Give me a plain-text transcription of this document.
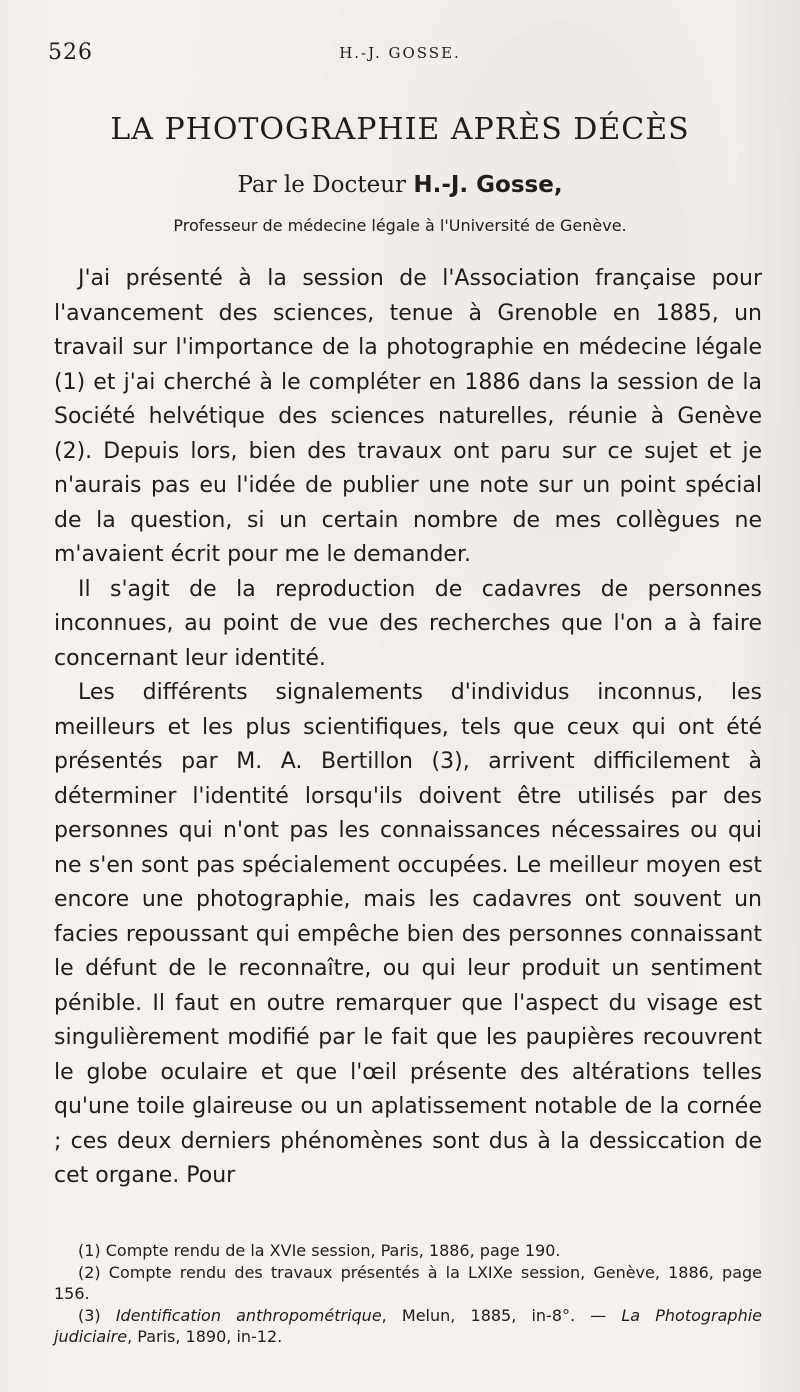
526	H.-J. GOSSE.
LA PHOTOGRAPHIE APRÈS DÉCÈS
Par le Docteur H.-J. Gosse,
Professeur de médecine légale à l'Université de Genève.

J'ai présenté à la session de l'Association française pour l'avancement des sciences, tenue à Grenoble en 1885, un travail sur l'importance de la photographie en médecine légale (1) et j'ai cherché à le compléter en 1886 dans la session de la Société helvétique des sciences naturelles, réunie à Genève (2). Depuis lors, bien des travaux ont paru sur ce sujet et je n'aurais pas eu l'idée de publier une note sur un point spécial de la question, si un certain nombre de mes collègues ne m'avaient écrit pour me le demander.

Il s'agit de la reproduction de cadavres de personnes inconnues, au point de vue des recherches que l'on a à faire concernant leur identité.

Les différents signalements d'individus inconnus, les meilleurs et les plus scientifiques, tels que ceux qui ont été présentés par M. A. Bertillon (3), arrivent difficilement à déterminer l'identité lorsqu'ils doivent être utilisés par des personnes qui n'ont pas les connaissances nécessaires ou qui ne s'en sont pas spécialement occupées. Le meilleur moyen est encore une photographie, mais les cadavres ont souvent un facies repoussant qui empêche bien des personnes connaissant le défunt de le reconnaître, ou qui leur produit un sentiment pénible. Il faut en outre remarquer que l'aspect du visage est singulièrement modifié par le fait que les paupières recouvrent le globe oculaire et que l'œil présente des altérations telles qu'une toile glaireuse ou un aplatissement notable de la cornée ; ces deux derniers phénomènes sont dus à la dessiccation de cet organe. Pour

(1) Compte rendu de la XVIe session, Paris, 1886, page 190.

(2) Compte rendu des travaux présentés à la LXIXe session, Genève, 1886, page 156.

(3) Identification anthropométrique, Melun, 1885, in-8°. — La Photographie judiciaire, Paris, 1890, in-12.
